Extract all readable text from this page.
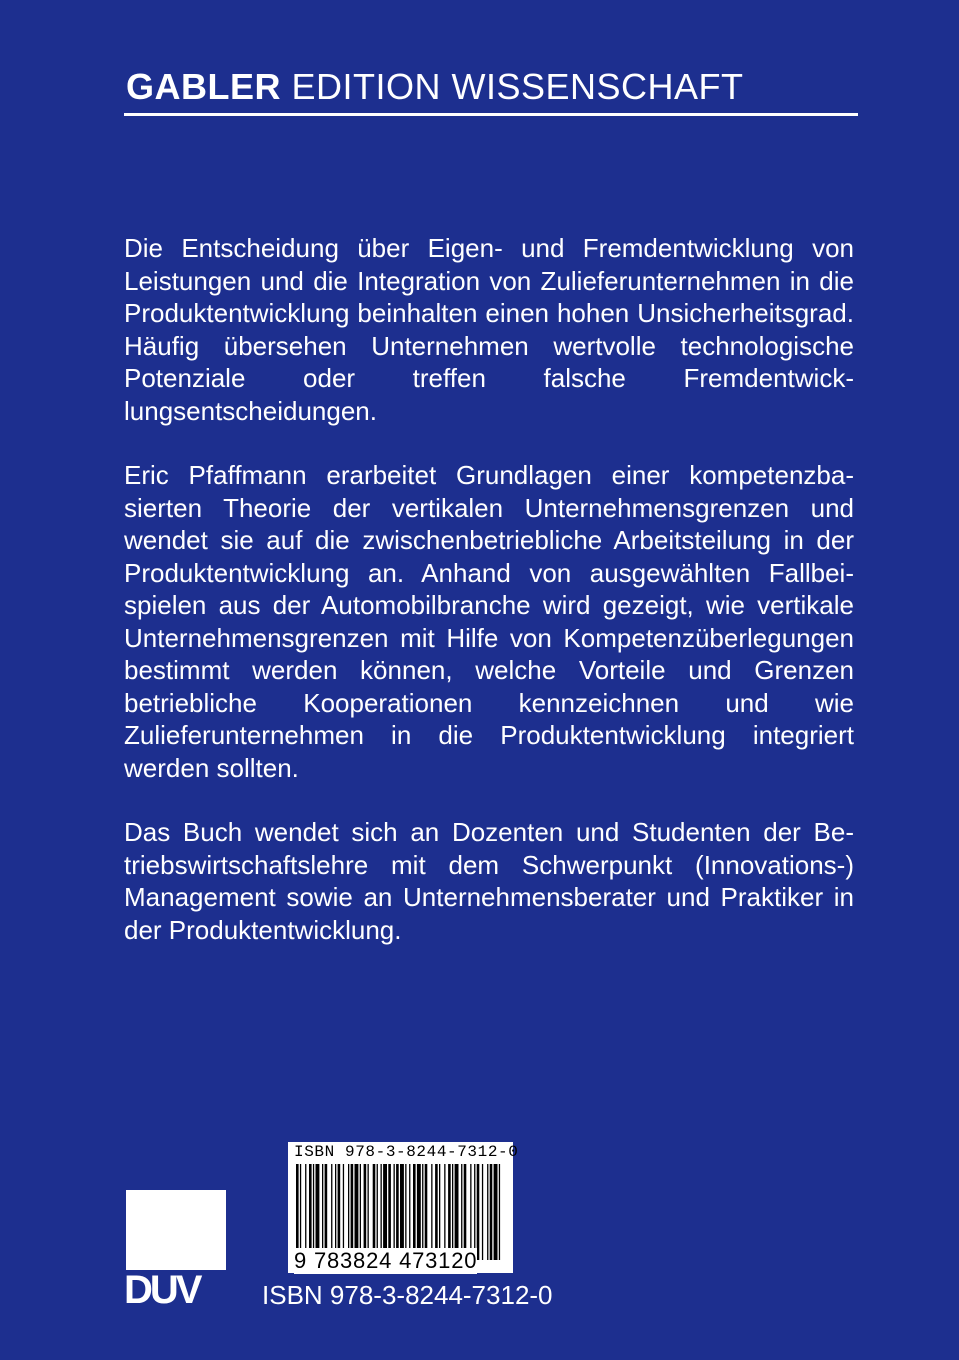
GABLER EDITION WISSENSCHAFT

Die Entscheidung über Eigen- und Fremdentwicklung von Leistungen und die Integration von Zulieferunternehmen in die Produktentwicklung beinhalten einen hohen Unsicherheitsgrad. Häufig übersehen Unternehmen wertvolle technologische Potenziale oder treffen falsche Fremdentwicklungsentscheidungen.

Eric Pfaffmann erarbeitet Grundlagen einer kompetenzbasierten Theorie der vertikalen Unternehmensgrenzen und wendet sie auf die zwischenbetriebliche Arbeitsteilung in der Produktentwicklung an. Anhand von ausgewählten Fallbeispielen aus der Automobilbranche wird gezeigt, wie vertikale Unternehmensgrenzen mit Hilfe von Kompetenzüberlegungen bestimmt werden können, welche Vorteile und Grenzen betriebliche Kooperationen kennzeichnen und wie Zulieferunternehmen in die Produktentwicklung integriert werden sollten.

Das Buch wendet sich an Dozenten und Studenten der Betriebswirtschaftslehre mit dem Schwerpunkt (Innovations-) Management sowie an Unternehmensberater und Praktiker in der Produktentwicklung.

ISBN 978-3-8244-7312-0
9 783824 473120
DUV ISBN 978-3-8244-7312-0
